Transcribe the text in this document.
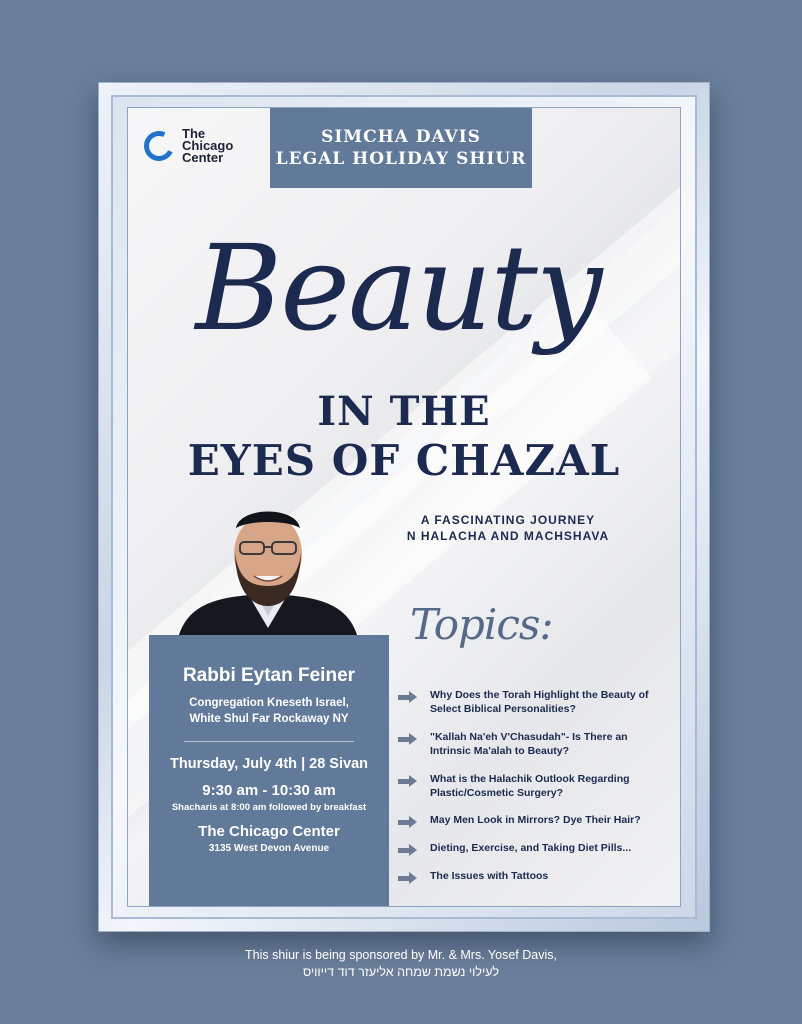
The
Chicago
Center
SIMCHA DAVIS
LEGAL HOLIDAY SHIUR
Beauty
IN THE
EYES OF CHAZAL
A FASCINATING JOURNEY
N HALACHA AND MACHSHAVA
Rabbi Eytan Feiner
Congregation Kneseth Israel,
White Shul Far Rockaway NY
Thursday, July 4th | 28 Sivan
9:30 am - 10:30 am
Shacharis at 8:00 am followed by breakfast
The Chicago Center
3135 West Devon Avenue
Topics:
Why Does the Torah Highlight the Beauty of
Select Biblical Personalities?
"Kallah Na'eh V'Chasudah"- Is There an
Intrinsic Ma'alah to Beauty?
What is the Halachik Outlook Regarding
Plastic/Cosmetic Surgery?
May Men Look in Mirrors? Dye Their Hair?
Dieting, Exercise, and Taking Diet Pills...
The Issues with Tattoos
This shiur is being sponsored by Mr. & Mrs. Yosef Davis,
לעילוי נשמת שמחה אליעזר דוד דייוויס
